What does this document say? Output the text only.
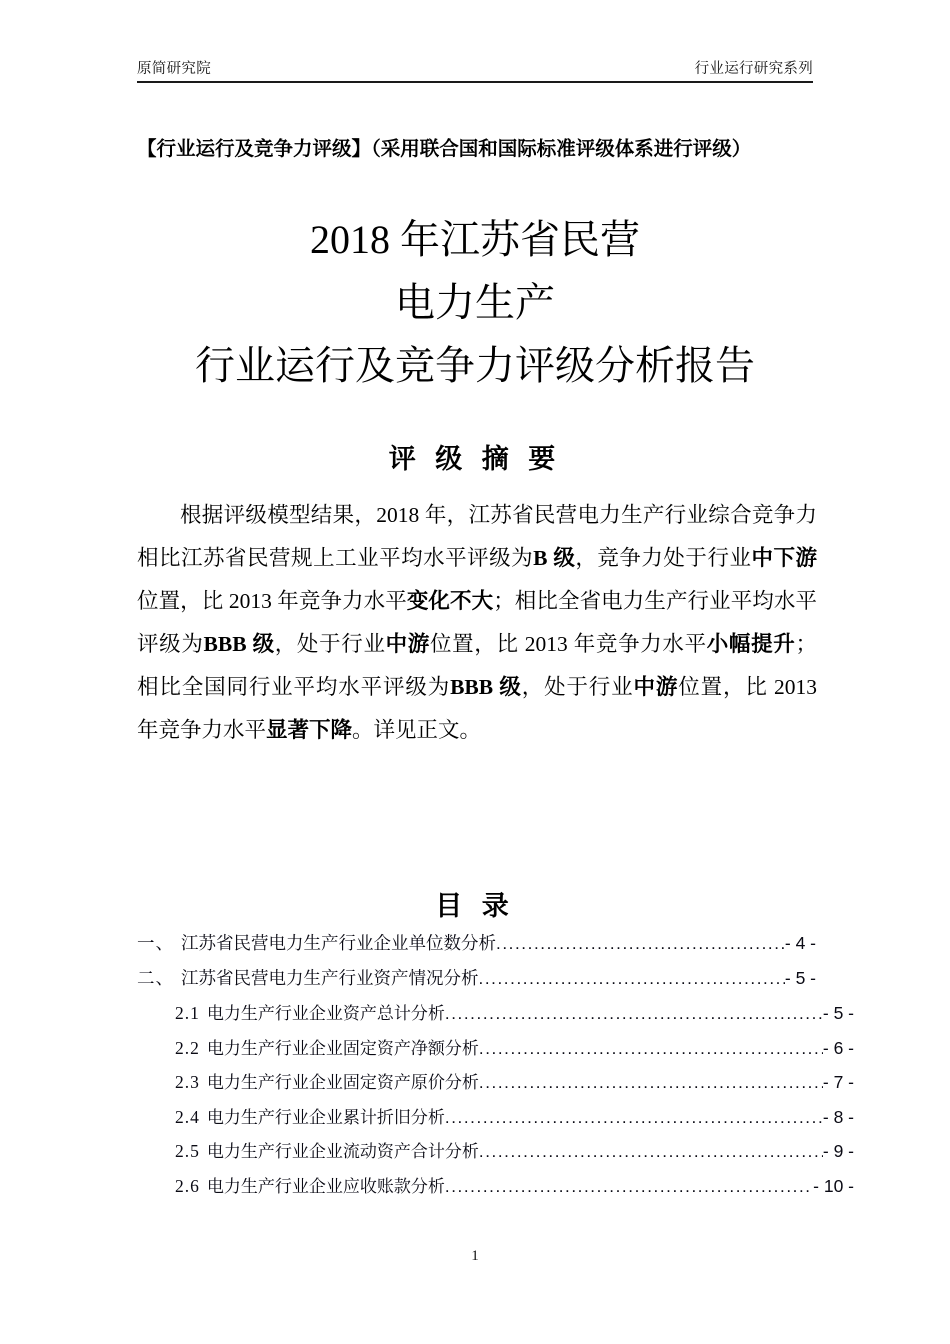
原简研究院	行业运行研究系列
【行业运行及竞争力评级】（采用联合国和国际标准评级体系进行评级）
2018 年江苏省民营
电力生产
行业运行及竞争力评级分析报告
评 级 摘 要
根据评级模型结果，2018 年，江苏省民营电力生产行业综合竞争力相比江苏省民营规上工业平均水平评级为B 级，竞争力处于行业中下游位置，比 2013 年竞争力水平变化不大；相比全省电力生产行业平均水平评级为BBB 级，处于行业中游位置，比 2013 年竞争力水平小幅提升；相比全国同行业平均水平评级为BBB 级，处于行业中游位置，比 2013 年竞争力水平显著下降。详见正文。
目 录
一、 江苏省民营电力生产行业企业单位数分析 .....	- 4 -
二、 江苏省民营电力生产行业资产情况分析 .....	- 5 -
2.1 电力生产行业企业资产总计分析 .....	- 5 -
2.2 电力生产行业企业固定资产净额分析 .....	- 6 -
2.3 电力生产行业企业固定资产原价分析 .....	- 7 -
2.4 电力生产行业企业累计折旧分析 .....	- 8 -
2.5 电力生产行业企业流动资产合计分析 .....	- 9 -
2.6 电力生产行业企业应收账款分析 .....	- 10 -
1
